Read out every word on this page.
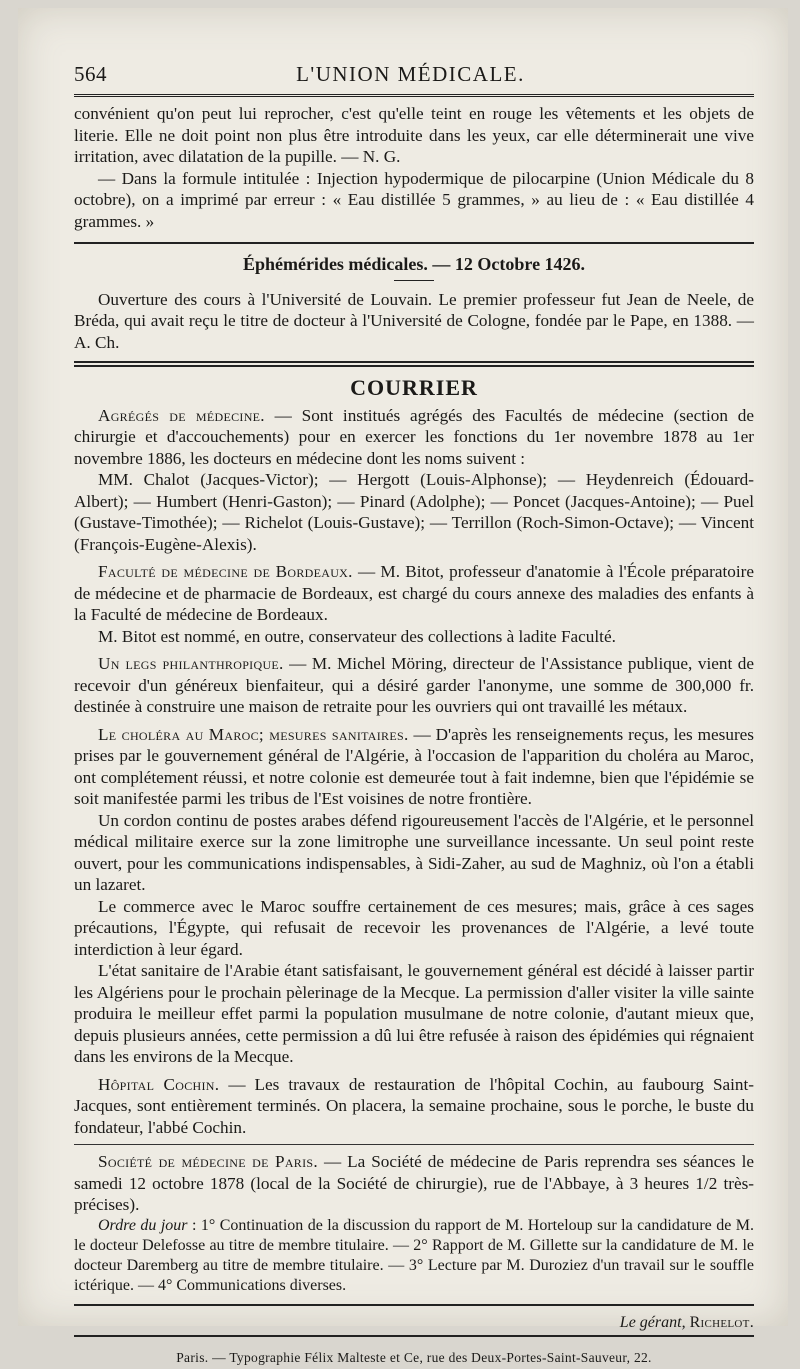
564	L'UNION MÉDICALE.

convénient qu'on peut lui reprocher, c'est qu'elle teint en rouge les vêtements et les objets de literie. Elle ne doit point non plus être introduite dans les yeux, car elle déterminerait une vive irritation, avec dilatation de la pupille. — N. G.

— Dans la formule intitulée : Injection hypodermique de pilocarpine (Union Médicale du 8 octobre), on a imprimé par erreur : « Eau distillée 5 grammes, » au lieu de : « Eau distillée 4 grammes. »

Éphémérides médicales. — 12 Octobre 1426.

Ouverture des cours à l'Université de Louvain. Le premier professeur fut Jean de Neele, de Bréda, qui avait reçu le titre de docteur à l'Université de Cologne, fondée par le Pape, en 1388. — A. Ch.

COURRIER

Agrégés de médecine. — Sont institués agrégés des Facultés de médecine (section de chirurgie et d'accouchements) pour en exercer les fonctions du 1er novembre 1878 au 1er novembre 1886, les docteurs en médecine dont les noms suivent :

MM. Chalot (Jacques-Victor); — Hergott (Louis-Alphonse); — Heydenreich (Édouard-Albert); — Humbert (Henri-Gaston); — Pinard (Adolphe); — Poncet (Jacques-Antoine); — Puel (Gustave-Timothée); — Richelot (Louis-Gustave); — Terrillon (Roch-Simon-Octave); — Vincent (François-Eugène-Alexis).

Faculté de médecine de Bordeaux. — M. Bitot, professeur d'anatomie à l'École préparatoire de médecine et de pharmacie de Bordeaux, est chargé du cours annexe des maladies des enfants à la Faculté de médecine de Bordeaux.

M. Bitot est nommé, en outre, conservateur des collections à ladite Faculté.

Un legs philanthropique. — M. Michel Möring, directeur de l'Assistance publique, vient de recevoir d'un généreux bienfaiteur, qui a désiré garder l'anonyme, une somme de 300,000 fr. destinée à construire une maison de retraite pour les ouvriers qui ont travaillé les métaux.

Le choléra au Maroc; mesures sanitaires. — D'après les renseignements reçus, les mesures prises par le gouvernement général de l'Algérie, à l'occasion de l'apparition du choléra au Maroc, ont complétement réussi, et notre colonie est demeurée tout à fait indemne, bien que l'épidémie se soit manifestée parmi les tribus de l'Est voisines de notre frontière.

Un cordon continu de postes arabes défend rigoureusement l'accès de l'Algérie, et le personnel médical militaire exerce sur la zone limitrophe une surveillance incessante. Un seul point reste ouvert, pour les communications indispensables, à Sidi-Zaher, au sud de Maghniz, où l'on a établi un lazaret.

Le commerce avec le Maroc souffre certainement de ces mesures; mais, grâce à ces sages précautions, l'Égypte, qui refusait de recevoir les provenances de l'Algérie, a levé toute interdiction à leur égard.

L'état sanitaire de l'Arabie étant satisfaisant, le gouvernement général est décidé à laisser partir les Algériens pour le prochain pèlerinage de la Mecque. La permission d'aller visiter la ville sainte produira le meilleur effet parmi la population musulmane de notre colonie, d'autant mieux que, depuis plusieurs années, cette permission a dû lui être refusée à raison des épidémies qui régnaient dans les environs de la Mecque.

Hôpital Cochin. — Les travaux de restauration de l'hôpital Cochin, au faubourg Saint-Jacques, sont entièrement terminés. On placera, la semaine prochaine, sous le porche, le buste du fondateur, l'abbé Cochin.

Société de médecine de Paris. — La Société de médecine de Paris reprendra ses séances le samedi 12 octobre 1878 (local de la Société de chirurgie), rue de l'Abbaye, à 3 heures 1/2 très-précises).

Ordre du jour : 1° Continuation de la discussion du rapport de M. Horteloup sur la candidature de M. le docteur Delefosse au titre de membre titulaire. — 2° Rapport de M. Gillette sur la candidature de M. le docteur Daremberg au titre de membre titulaire. — 3° Lecture par M. Duroziez d'un travail sur le souffle ictérique. — 4° Communications diverses.

Le gérant, Richelot.
Paris. — Typographie Félix Malteste et Ce, rue des Deux-Portes-Saint-Sauveur, 22.
